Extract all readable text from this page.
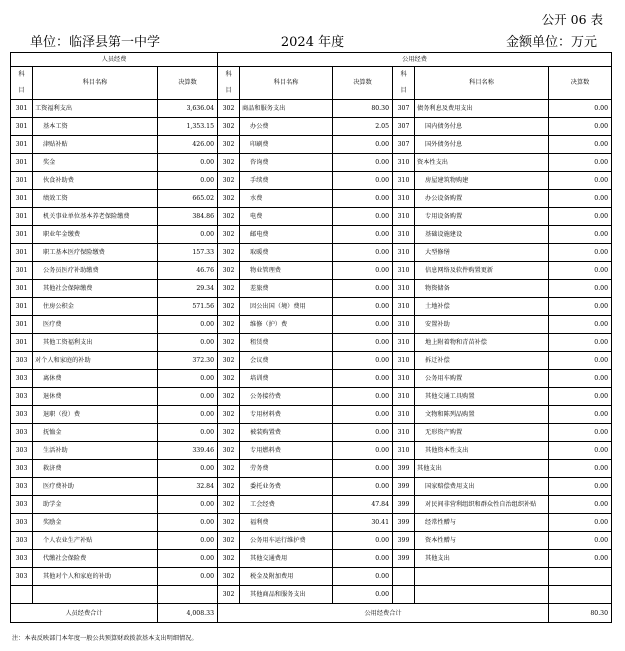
公开 06 表
单位：临泽县第一中学	2024 年度	金额单位：万元
人员经费			公用经费					
科	科目名称	决算数	科	科目名称	决算数	科	科目名称	决算数
目			目			目		
301	工资福利支出	3,636.04	302	商品和服务支出	80.30	307	债务利息及费用支出	0.00
301	基本工资	1,353.15	302	办公费	2.05	307	国内债务付息	0.00
301	津贴补贴	426.00	302	印刷费	0.00	307	国外债务付息	0.00
301	奖金	0.00	302	咨询费	0.00	310	资本性支出	0.00
301	伙食补助费	0.00	302	手续费	0.00	310	房屋建筑物购建	0.00
301	绩效工资	665.02	302	水费	0.00	310	办公设备购置	0.00
301	机关事业单位基本养老保险缴费	384.86	302	电费	0.00	310	专用设备购置	0.00
301	职业年金缴费	0.00	302	邮电费	0.00	310	基础设施建设	0.00
301	职工基本医疗保险缴费	157.33	302	取暖费	0.00	310	大型修缮	0.00
301	公务员医疗补助缴费	46.76	302	物业管理费	0.00	310	信息网络及软件购置更新	0.00
301	其他社会保障缴费	29.34	302	差旅费	0.00	310	物资储备	0.00
301	住房公积金	571.56	302	因公出国（境）费用	0.00	310	土地补偿	0.00
301	医疗费	0.00	302	维修（护）费	0.00	310	安置补助	0.00
301	其他工资福利支出	0.00	302	租赁费	0.00	310	地上附着物和青苗补偿	0.00
303	对个人和家庭的补助	372.30	302	会议费	0.00	310	拆迁补偿	0.00
303	离休费	0.00	302	培训费	0.00	310	公务用车购置	0.00
303	退休费	0.00	302	公务接待费	0.00	310	其他交通工具购置	0.00
303	退职（役）费	0.00	302	专用材料费	0.00	310	文物和陈列品购置	0.00
303	抚恤金	0.00	302	被装购置费	0.00	310	无形资产购置	0.00
303	生活补助	339.46	302	专用燃料费	0.00	310	其他资本性支出	0.00
303	救济费	0.00	302	劳务费	0.00	399	其他支出	0.00
303	医疗费补助	32.84	302	委托业务费	0.00	399	国家赔偿费用支出	0.00
303	助学金	0.00	302	工会经费	47.84	399	对民间非营利组织和群众性自治组织补贴	0.00
303	奖励金	0.00	302	福利费	30.41	399	经常性赠与	0.00
303	个人农业生产补贴	0.00	302	公务用车运行维护费	0.00	399	资本性赠与	0.00
303	代缴社会保险费	0.00	302	其他交通费用	0.00	399	其他支出	0.00
303	其他对个人和家庭的补助	0.00	302	税金及附加费用	0.00			
			302	其他商品和服务支出	0.00			
人员经费合计		4,008.33	公用经费合计					80.30
注：本表反映部门本年度一般公共预算财政拨款基本支出明细情况。
